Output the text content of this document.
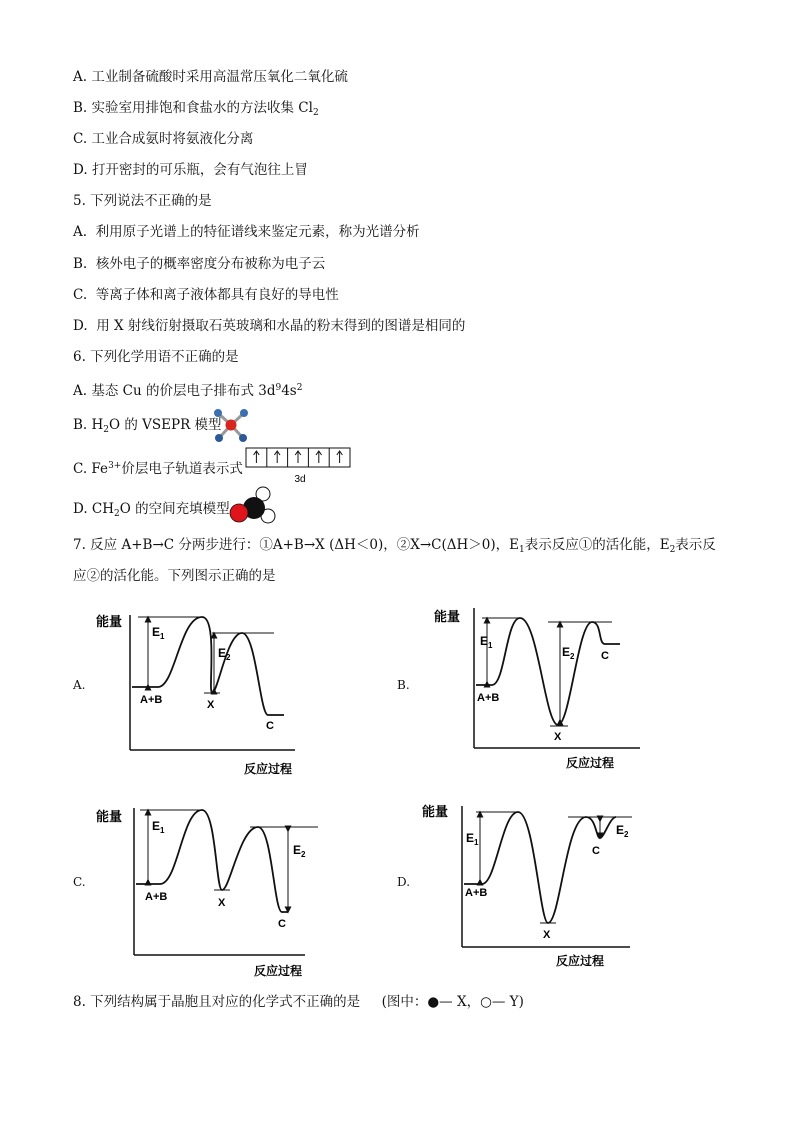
A. 工业制备硫酸时采用高温常压氧化二氧化硫
B. 实验室用排饱和食盐水的方法收集 $Cl_2$
C. 工业合成氨时将氨液化分离
D. 打开密封的可乐瓶，会有气泡往上冒
5. 下列说法不正确的是
A. 利用原子光谱上的特征谱线来鉴定元素，称为光谱分析
B. 核外电子的概率密度分布被称为电子云
C. 等离子体和离子液体都具有良好的导电性
D. 用 X 射线衍射摄取石英玻璃和水晶的粉末得到的图谱是相同的
6. 下列化学用语不正确的是
A. 基态 Cu 的价层电子排布式 $3d^94s^2$
B. $H_2O$ 的 VSEPR 模型
C. $Fe^{3+}$价层电子轨道表示式
3d
D. $CH_2O$ 的空间充填模型
7. 反应 A+B→C 分两步进行：①A+B→X (ΔH＜0)，②X→C(ΔH＞0)，$E_1$表示反应①的活化能，$E_2$表示反
应②的活化能。下列图示正确的是
A.	B.
C.	D.
能量
反应过程
$E_1$
$E_2$
A+B	X
C
能量
反应过程
$E_1$	$E_2$
A+B
X
C
能量
反应过程
$E_1$
$E_2$
A+B	X
C
能量
反应过程
$E_1$
$E_2$
A+B
X
C
8. 下列结构属于晶胞且对应的化学式不正确的是 (图中：●— X，○— Y)
